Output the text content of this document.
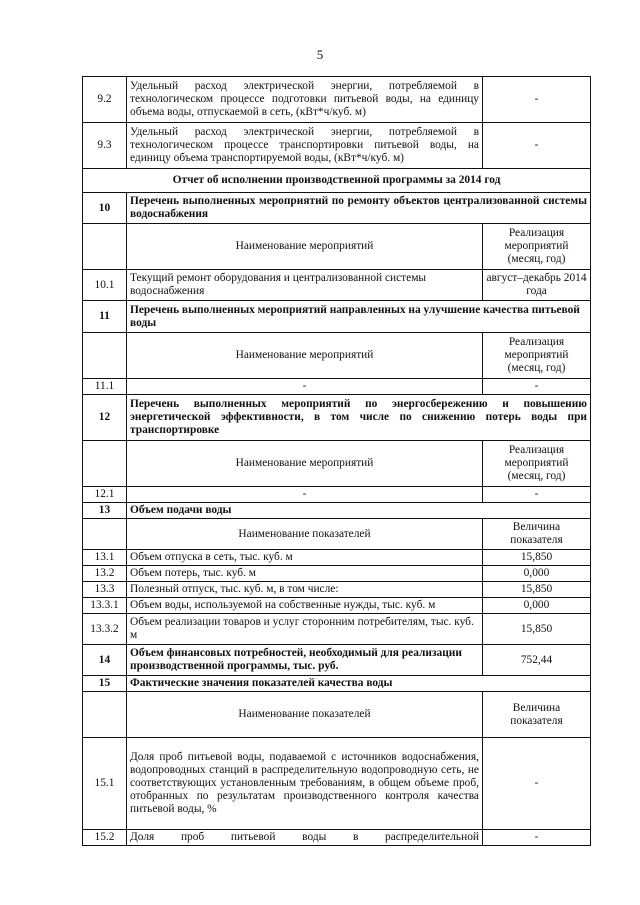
5
9.2	Удельный расход электрической энергии, потребляемой в технологическом процессе подготовки питьевой воды, на единицу объема воды, отпускаемой в сеть, (кВт*ч/куб. м)	-
9.3	Удельный расход электрической энергии, потребляемой в технологическом процессе транспортировки питьевой воды, на единицу объема транспортируемой воды, (кВт*ч/куб. м)	-
Отчет об исполнении производственной программы за 2014 год		
10	Перечень выполненных мероприятий по ремонту объектов централизованной системы водоснабжения	
	Наименование мероприятий	Реализация мероприятий (месяц, год)
10.1	Текущий ремонт оборудования и централизованной системы водоснабжения	август–декабрь 2014 года
11	Перечень выполненных мероприятий направленных на улучшение качества питьевой воды	
	Наименование мероприятий	Реализация мероприятий (месяц, год)
11.1	-	-
12	Перечень выполненных мероприятий по энергосбережению и повышению энергетической эффективности, в том числе по снижению потерь воды при транспортировке	
	Наименование мероприятий	Реализация мероприятий (месяц, год)
12.1	-	-
13	Объем подачи воды	
	Наименование показателей	Величина показателя
13.1	Объем отпуска в сеть, тыс. куб. м	15,850
13.2	Объем потерь, тыс. куб. м	0,000
13.3	Полезный отпуск, тыс. куб. м, в том числе:	15,850
13.3.1	Объем воды, используемой на собственные нужды, тыс. куб. м	0,000
13.3.2	Объем реализации товаров и услуг сторонним потребителям, тыс. куб. м	15,850
14	Объем финансовых потребностей, необходимый для реализации производственной программы, тыс. руб.	752,44
15	Фактические значения показателей качества воды	
	Наименование показателей	Величина показателя
15.1	Доля проб питьевой воды, подаваемой с источников водоснабжения, водопроводных станций в распределительную водопроводную сеть, не соответствующих установленным требованиям, в общем объеме проб, отобранных по результатам производственного контроля качества питьевой воды, %	-
15.2	Доля проб питьевой воды в распределительной	-
